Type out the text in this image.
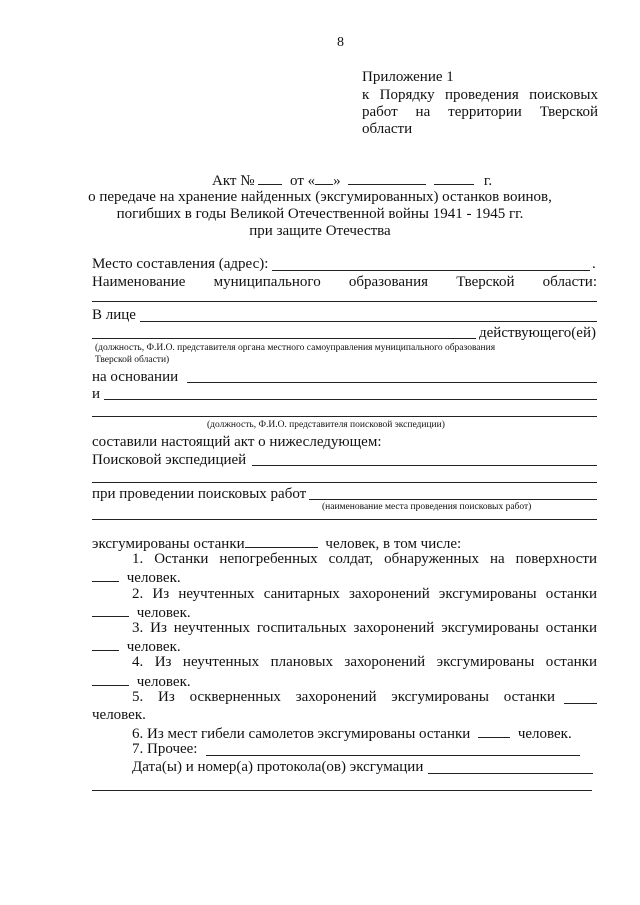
8
Приложение 1
к Порядку проведения поисковых
работ на территории Тверской
области
Акт № от « »	г.
о передаче на хранение найденных (эксгумированных) останков воинов,
погибших в годы Великой Отечественной войны 1941 - 1945 гг.
при защите Отечества
Место составления (адрес):	.
Наименование муниципального образования Тверской области:
В лице
действующего(ей)
(должность, Ф.И.О. представителя органа местного самоуправления муниципального образования
Тверской области)
на основании
и
(должность, Ф.И.О. представителя поисковой экспедиции)
составили настоящий акт о нижеследующем:
Поисковой экспедицией
при проведении поисковых работ
(наименование места проведения поисковых работ)
эксгумированы останки	человек, в том числе:
1. Останки непогребенных солдат, обнаруженных на поверхности
человек.
2. Из неучтенных санитарных захоронений эксгумированы останки
человек.
3. Из неучтенных госпитальных захоронений эксгумированы останки
человек.
4. Из неучтенных плановых захоронений эксгумированы останки
человек.
5. Из оскверненных захоронений эксгумированы останки
человек.
6. Из мест гибели самолетов эксгумированы останки	человек.
7. Прочее:
Дата(ы) и номер(а) протокола(ов) эксгумации
